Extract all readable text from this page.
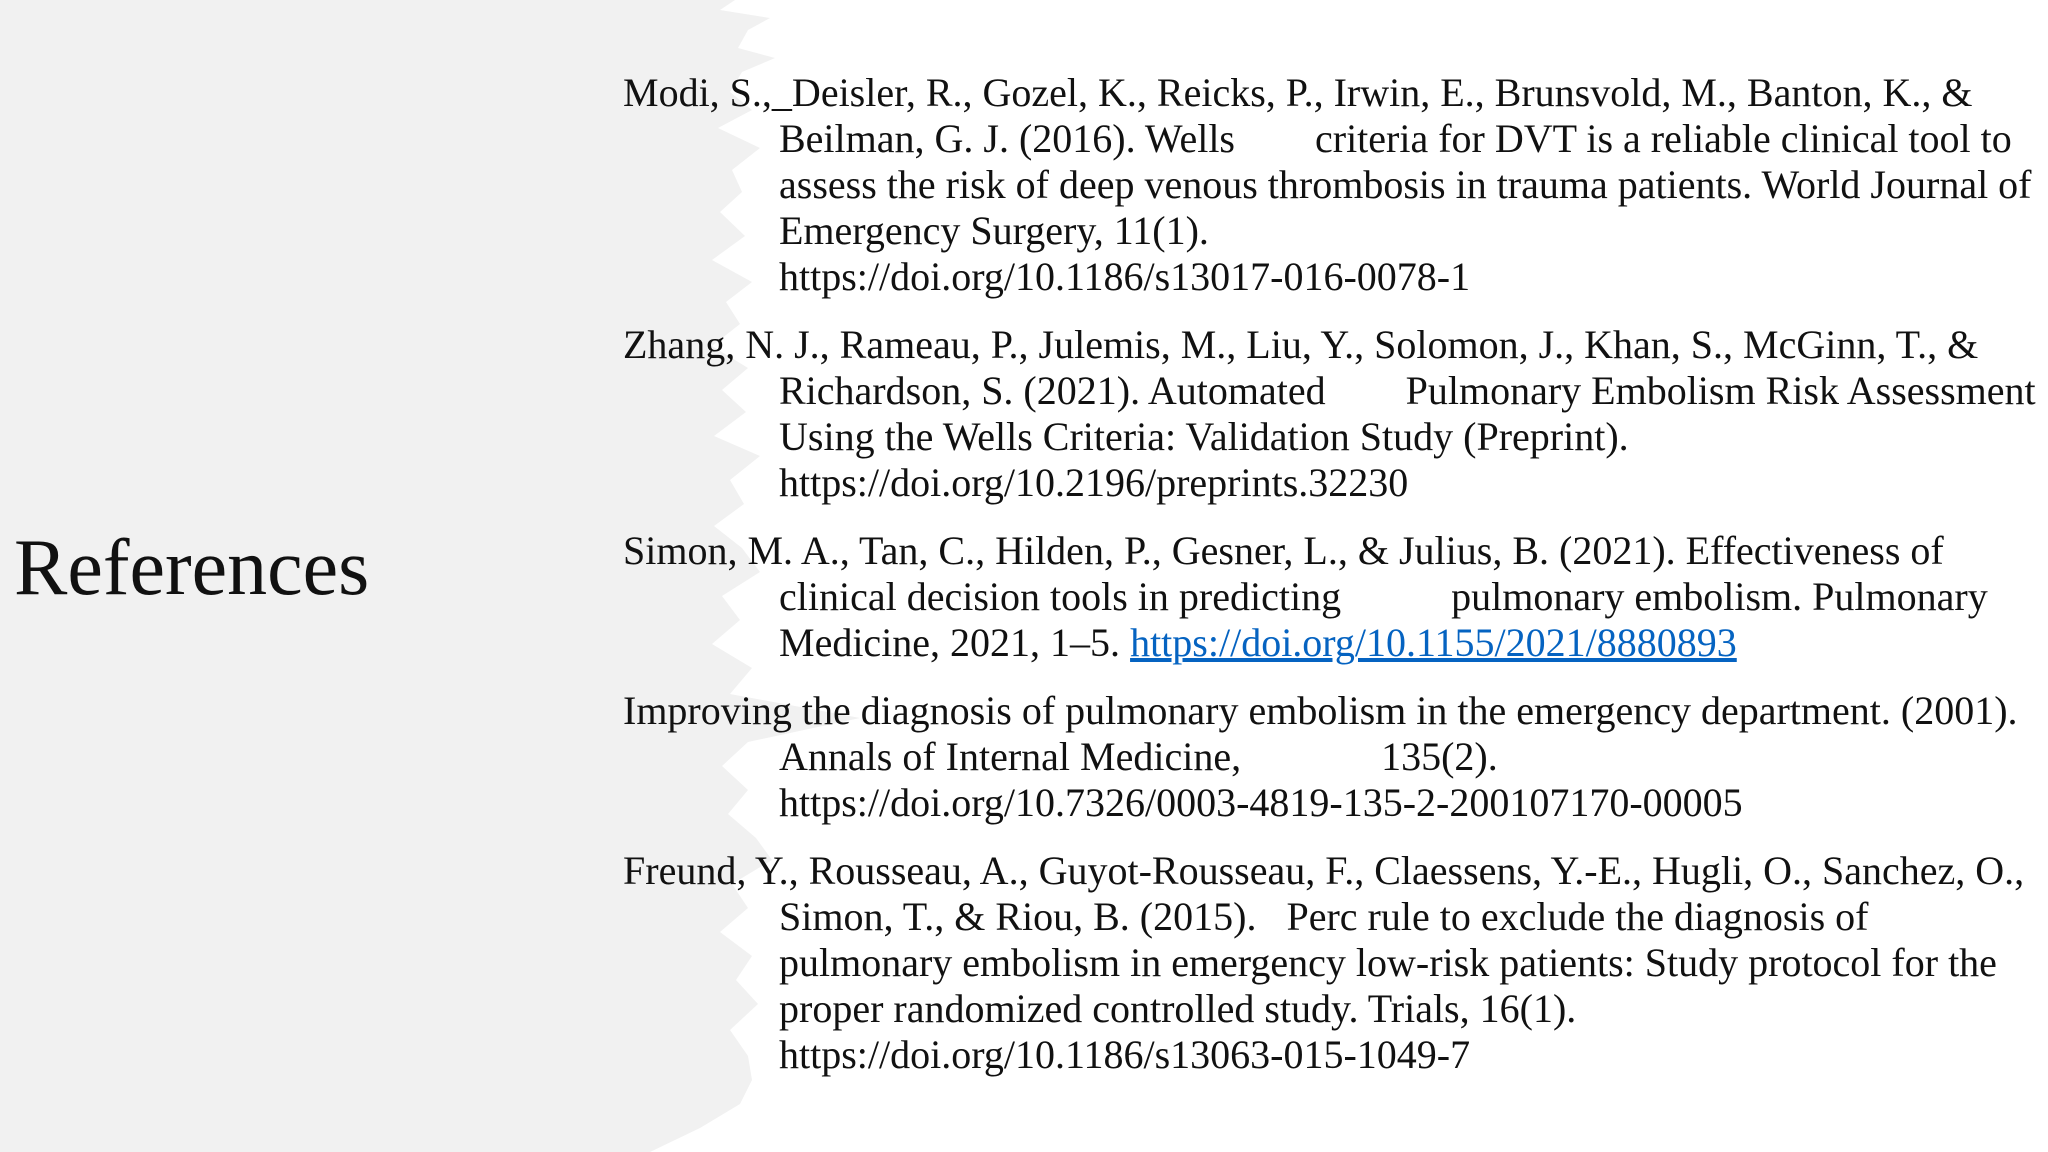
References

Modi, S.,_Deisler, R., Gozel, K., Reicks, P., Irwin, E., Brunsvold, M., Banton, K., & Beilman, G. J. (2016). Wells        criteria for DVT is a reliable clinical tool to assess the risk of deep venous thrombosis in trauma patients. World Journal of Emergency Surgery, 11(1).
https://doi.org/10.1186/s13017-016-0078-1

Zhang, N. J., Rameau, P., Julemis, M., Liu, Y., Solomon, J., Khan, S., McGinn, T., & Richardson, S. (2021). Automated        Pulmonary Embolism Risk Assessment Using the Wells Criteria: Validation Study (Preprint).
https://doi.org/10.2196/preprints.32230

Simon, M. A., Tan, C., Hilden, P., Gesner, L., & Julius, B. (2021). Effectiveness of clinical decision tools in predicting           pulmonary embolism. Pulmonary Medicine, 2021, 1–5. https://doi.org/10.1155/2021/8880893

Improving the diagnosis of pulmonary embolism in the emergency department. (2001). Annals of Internal Medicine,              135(2).
https://doi.org/10.7326/0003-4819-135-2-200107170-00005

Freund, Y., Rousseau, A., Guyot-Rousseau, F., Claessens, Y.-E., Hugli, O., Sanchez, O., Simon, T., & Riou, B. (2015).   Perc rule to exclude the diagnosis of pulmonary embolism in emergency low-risk patients: Study protocol for the proper randomized controlled study. Trials, 16(1).
https://doi.org/10.1186/s13063-015-1049-7
